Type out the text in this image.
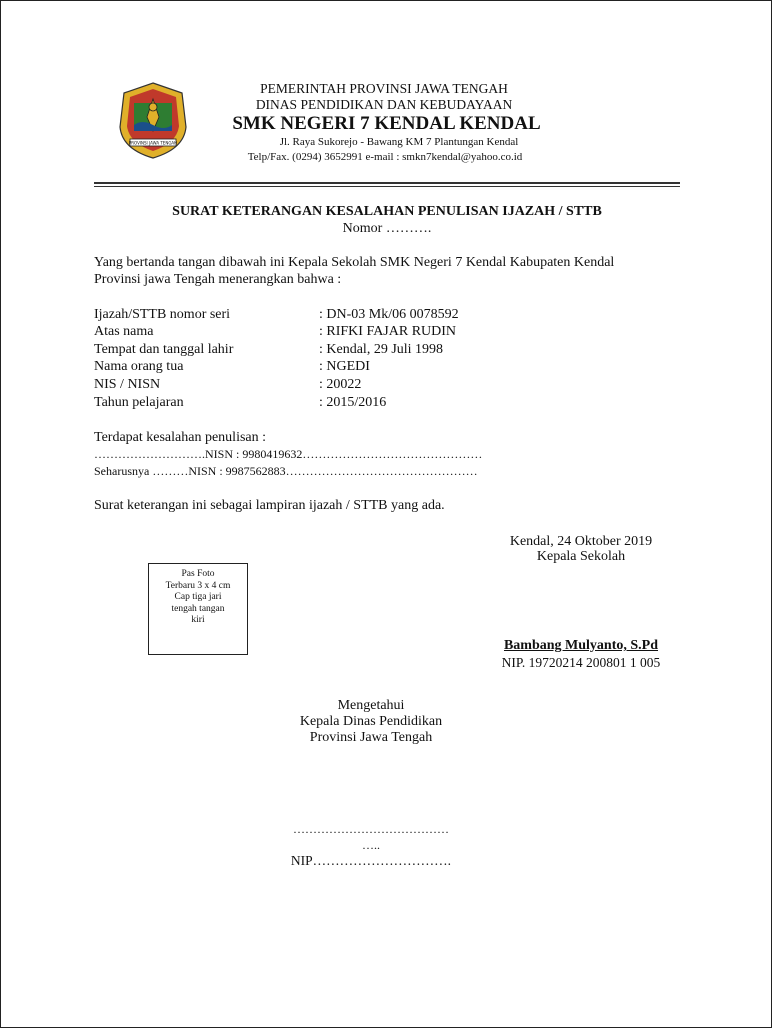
PROVINSI JAWA TENGAH
PEMERINTAH PROVINSI JAWA TENGAH
DINAS PENDIDIKAN DAN KEBUDAYAAN
SMK NEGERI 7 KENDAL KENDAL
Jl. Raya Sukorejo - Bawang KM 7 Plantungan Kendal
Telp/Fax. (0294) 3652991 e-mail : smkn7kendal@yahoo.co.id
SURAT KETERANGAN KESALAHAN PENULISAN IJAZAH / STTB
Nomor ……….
Yang bertanda tangan dibawah ini Kepala Sekolah SMK Negeri 7 Kendal Kabupaten Kendal
Provinsi jawa Tengah menerangkan bahwa :
Ijazah/STTB nomor seri	: DN-03 Mk/06 0078592
Atas nama	: RIFKI FAJAR RUDIN
Tempat dan tanggal lahir	: Kendal, 29 Juli 1998
Nama orang tua	: NGEDI
NIS / NISN	: 20022
Tahun pelajaran	: 2015/2016
Terdapat kesalahan penulisan :
……………………….NISN : 9980419632………………………………………
Seharusnya ………NISN : 9987562883…………………………………………
Surat keterangan ini sebagai lampiran ijazah / STTB yang ada.
Kendal, 24 Oktober 2019
Kepala Sekolah
Pas Foto
Terbaru 3 x 4 cm
Cap tiga jari
tengah tangan
kiri
Bambang Mulyanto, S.Pd
NIP. 19720214 200801 1 005
Mengetahui
Kepala Dinas Pendidikan
Provinsi Jawa Tengah
…………………………………
…..
NIP………………………….
